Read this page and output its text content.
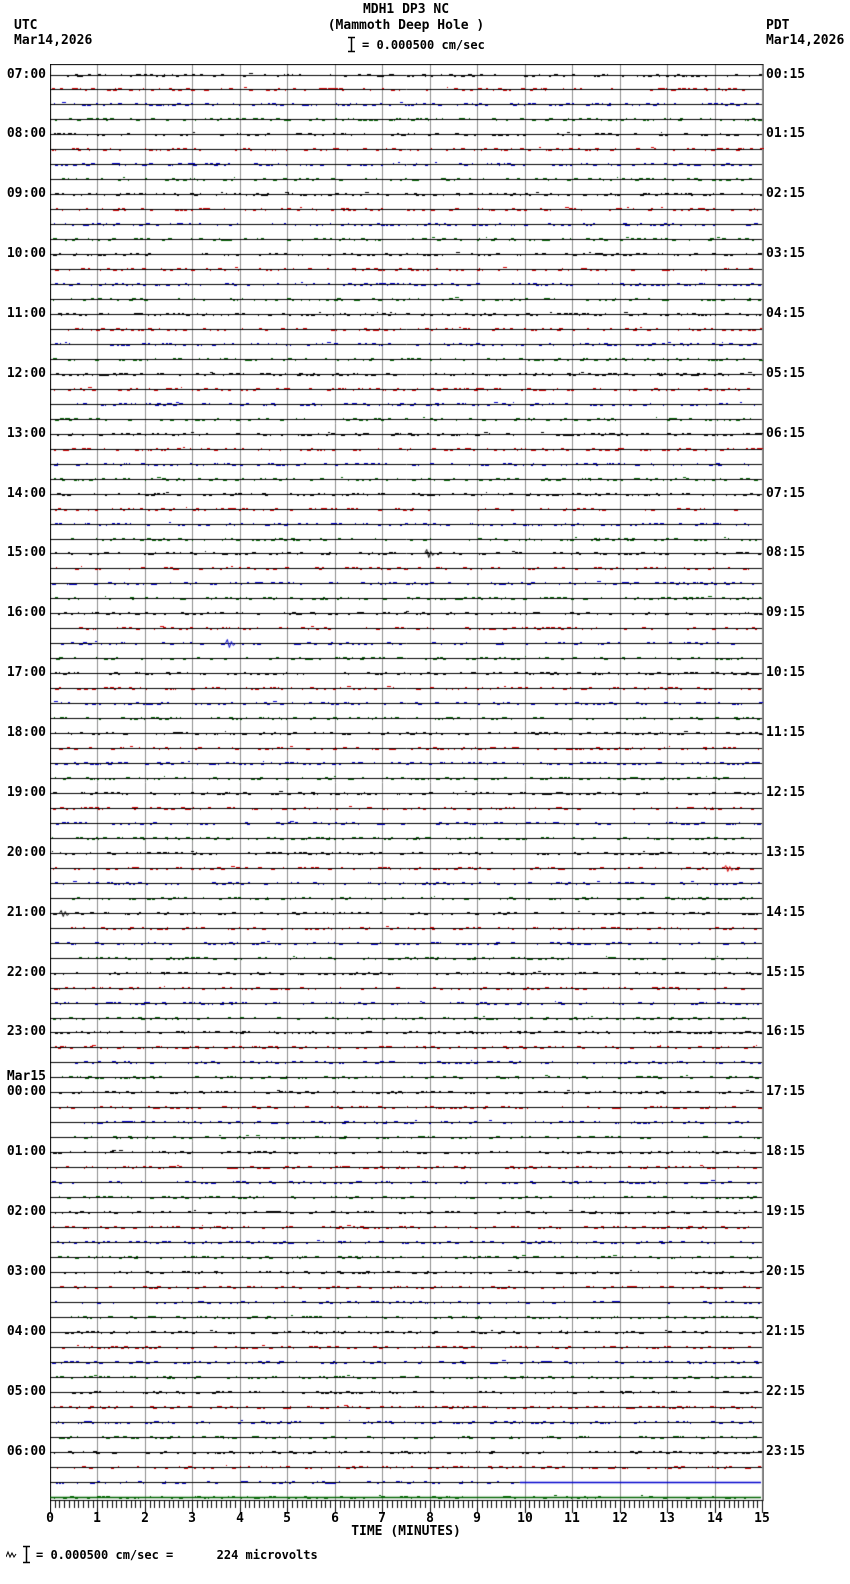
MDH1 DP3 NC
(Mammoth Deep Hole )
UTC
Mar14,2026
PDT
Mar14,2026
= 0.000500 cm/sec
07:00
08:00
09:00
10:00
11:00
12:00
13:00
14:00
15:00
16:00
17:00
18:00
19:00
20:00
21:00
22:00
23:00
00:00
Mar15
01:00
02:00
03:00
04:00
05:00
06:00
00:15
01:15
02:15
03:15
04:15
05:15
06:15
07:15
08:15
09:15
10:15
11:15
12:15
13:15
14:15
15:15
16:15
17:15
18:15
19:15
20:15
21:15
22:15
23:15
0	1	2	3	4	5	6	7	8	9	10	11	12	13	14	15
TIME (MINUTES)
= 0.000500 cm/sec =      224 microvolts
